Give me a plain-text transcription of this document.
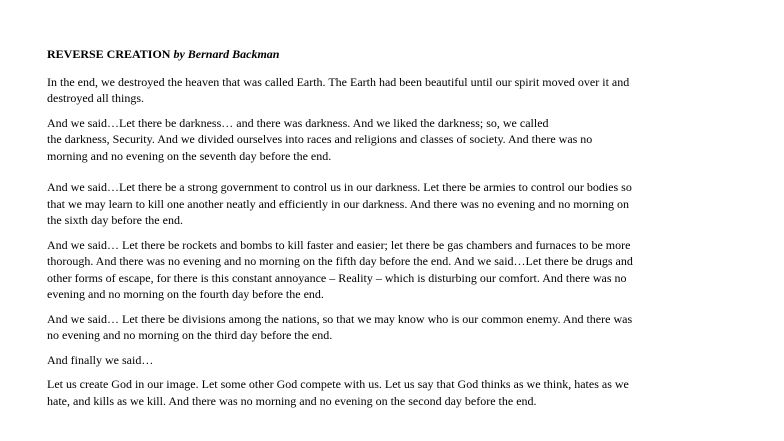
REVERSE CREATION by Bernard Backman

In the end, we destroyed the heaven that was called Earth. The Earth had been beautiful until our spirit moved over it and
destroyed all things.

And we said…Let there be darkness… and there was darkness. And we liked the darkness; so, we called
the darkness, Security. And we divided ourselves into races and religions and classes of society. And there was no
morning and no evening on the seventh day before the end.

And we said…Let there be a strong government to control us in our darkness. Let there be armies to control our bodies so
that we may learn to kill one another neatly and efficiently in our darkness. And there was no evening and no morning on
the sixth day before the end.

And we said… Let there be rockets and bombs to kill faster and easier; let there be gas chambers and furnaces to be more
thorough. And there was no evening and no morning on the fifth day before the end. And we said…Let there be drugs and
other forms of escape, for there is this constant annoyance – Reality – which is disturbing our comfort. And there was no
evening and no morning on the fourth day before the end.

And we said… Let there be divisions among the nations, so that we may know who is our common enemy. And there was
no evening and no morning on the third day before the end.

And finally we said…

Let us create God in our image. Let some other God compete with us. Let us say that God thinks as we think, hates as we
hate, and kills as we kill. And there was no morning and no evening on the second day before the end.
